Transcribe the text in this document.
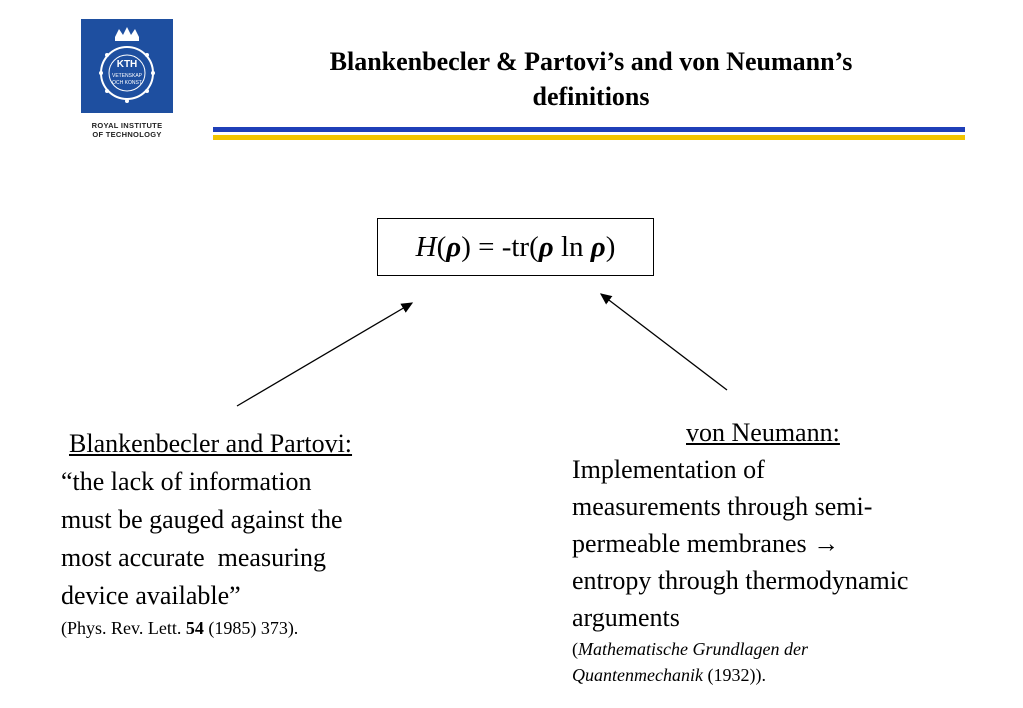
KTH
VETENSKAP
OCH KONST
ROYAL INSTITUTE
OF TECHNOLOGY
Blankenbecler & Partovi’s and von Neumann’s
definitions
H ( ρ ) = -tr( ρ ln ρ )
Blankenbecler and Partovi:
“the lack of information
must be gauged against the
most accurate  measuring
device available”
(Phys. Rev. Lett. 54 (1985) 373).
von Neumann:
Implementation of
measurements through semi-
permeable membranes →
entropy through thermodynamic
arguments
(Mathematische Grundlagen der
Quantenmechanik (1932)).
